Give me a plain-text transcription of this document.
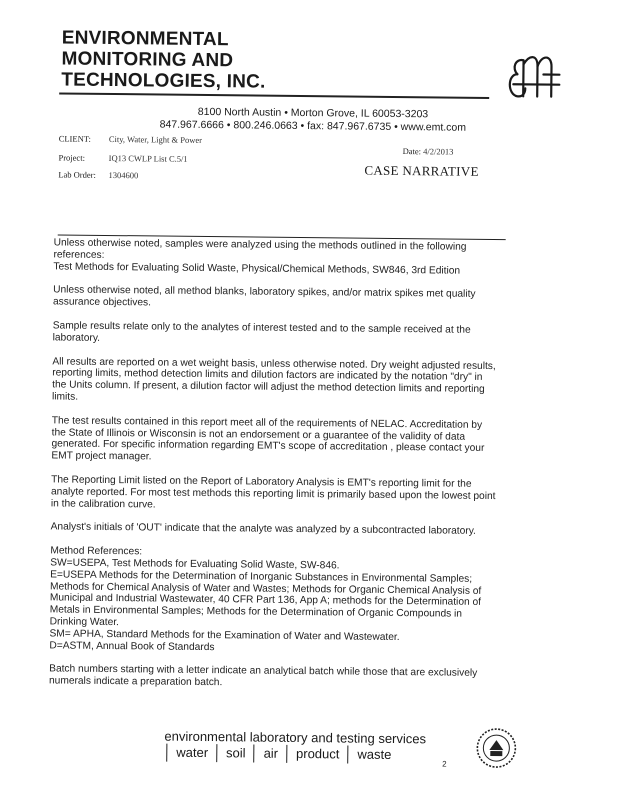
ENVIRONMENTAL
MONITORING AND
TECHNOLOGIES, INC.
8100 North Austin • Morton Grove, IL 60053-3203
847.967.6666 • 800.246.0663 • fax: 847.967.6735 • www.emt.com
CLIENT: City, Water, Light & Power
Project:	IQ13 CWLP List C.5/1
Lab Order: 1304600
Date: 4/2/2013
CASE NARRATIVE

Unless otherwise noted, samples were analyzed using the methods outlined in the following references:
Test Methods for Evaluating Solid Waste, Physical/Chemical Methods, SW846, 3rd Edition

Unless otherwise noted, all method blanks, laboratory spikes, and/or matrix spikes met quality assurance objectives.

Sample results relate only to the analytes of interest tested and to the sample received at the laboratory.

All results are reported on a wet weight basis, unless otherwise noted. Dry weight adjusted results, reporting limits, method detection limits and dilution factors are indicated by the notation "dry" in the Units column. If present, a dilution factor will adjust the method detection limits and reporting limits.

The test results contained in this report meet all of the requirements of NELAC. Accreditation by the State of Illinois or Wisconsin is not an endorsement or a guarantee of the validity of data generated. For specific information regarding EMT's scope of accreditation , please contact your EMT project manager.

The Reporting Limit listed on the Report of Laboratory Analysis is EMT's reporting limit for the analyte reported. For most test methods this reporting limit is primarily based upon the lowest point in the calibration curve.

Analyst's initials of 'OUT' indicate that the analyte was analyzed by a subcontracted laboratory.

Method References:

SW=USEPA, Test Methods for Evaluating Solid Waste, SW-846.

E=USEPA Methods for the Determination of Inorganic Substances in Environmental Samples; Methods for Chemical Analysis of Water and Wastes; Methods for Organic Chemical Analysis of Municipal and Industrial Wastewater, 40 CFR Part 136, App A; methods for the Determination of Metals in Environmental Samples; Methods for the Determination of Organic Compounds in Drinking Water.

SM= APHA, Standard Methods for the Examination of Water and Wastewater.

D=ASTM, Annual Book of Standards

Batch numbers starting with a letter indicate an analytical batch while those that are exclusively numerals indicate a preparation batch.

environmental laboratory and testing services
water soil air product waste
2
